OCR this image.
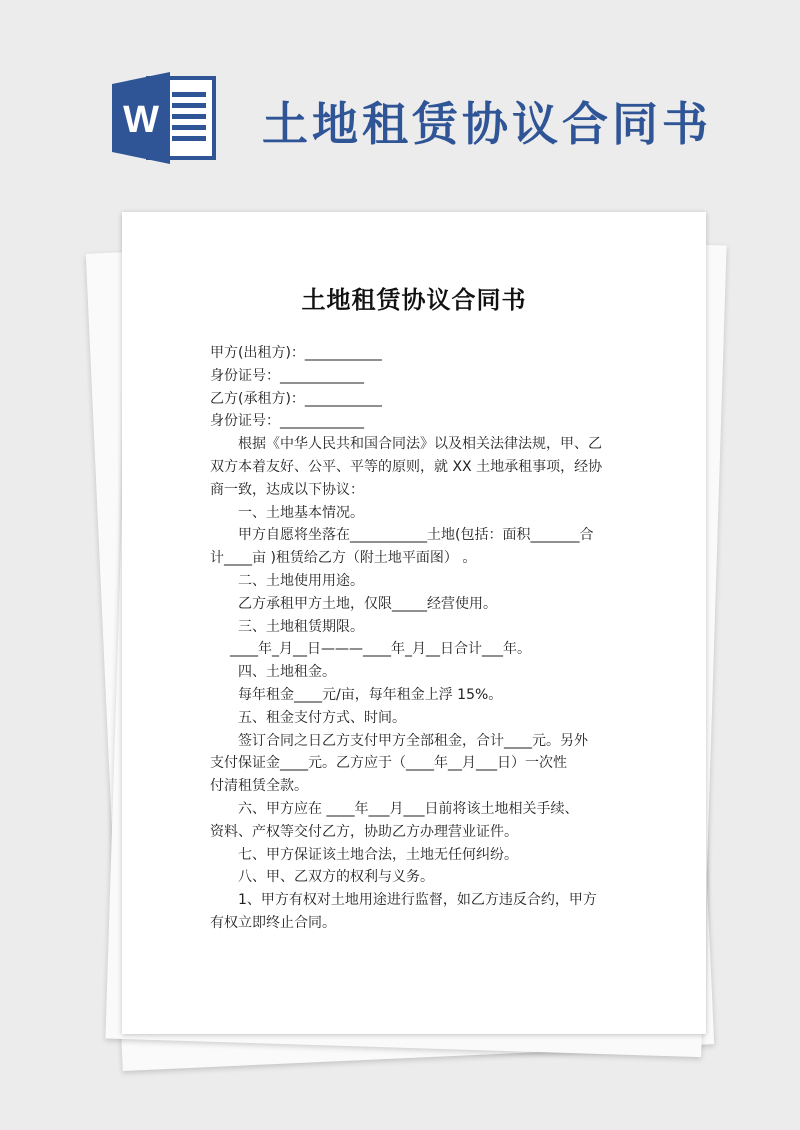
W 土地租赁协议合同书
土地租赁协议合同书
甲方(出租方)：___________
身份证号：____________
乙方(承租方)：___________
身份证号：____________
根据《中华人民共和国合同法》以及相关法律法规，甲、乙
双方本着友好、公平、平等的原则，就 XX 土地承租事项，经协
商一致，达成以下协议：
一、土地基本情况。
甲方自愿将坐落在___________土地(包括：面积_______合
计____亩 )租赁给乙方（附土地平面图） 。
二、土地使用用途。
乙方承租甲方土地，仅限_____经营使用。
三、土地租赁期限。
____年_月__日———____年_月__日合计___年。
四、土地租金。
每年租金____元/亩，每年租金上浮 15%。
五、租金支付方式、时间。
签订合同之日乙方支付甲方全部租金，合计____元。另外
支付保证金____元。乙方应于（____年__月___日）一次性
付清租赁全款。
六、甲方应在 ____年___月___日前将该土地相关手续、
资料、产权等交付乙方，协助乙方办理营业证件。
七、甲方保证该土地合法，土地无任何纠纷。
八、甲、乙双方的权利与义务。
1、甲方有权对土地用途进行监督，如乙方违反合约，甲方
有权立即终止合同。
